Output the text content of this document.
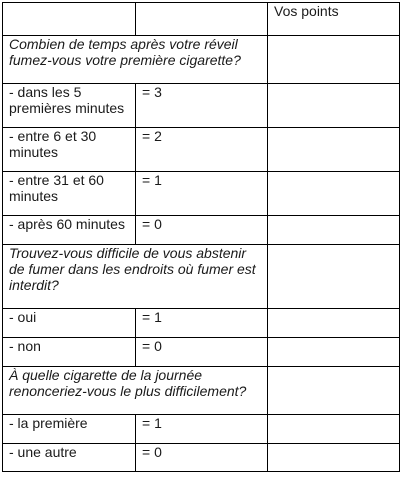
		Vos points
Combien de temps après votre réveil fumez-vous votre première cigarette?		
- dans les 5 premières minutes	= 3	
- entre 6 et 30 minutes	= 2	
- entre 31 et 60 minutes	= 1	
- après 60 minutes	= 0	
Trouvez-vous difficile de vous abstenir de fumer dans les endroits où fumer est interdit?		
- oui	= 1	
- non	= 0	
À quelle cigarette de la journée renonceriez-vous le plus difficilement?		
- la première	= 1	
- une autre	= 0	
